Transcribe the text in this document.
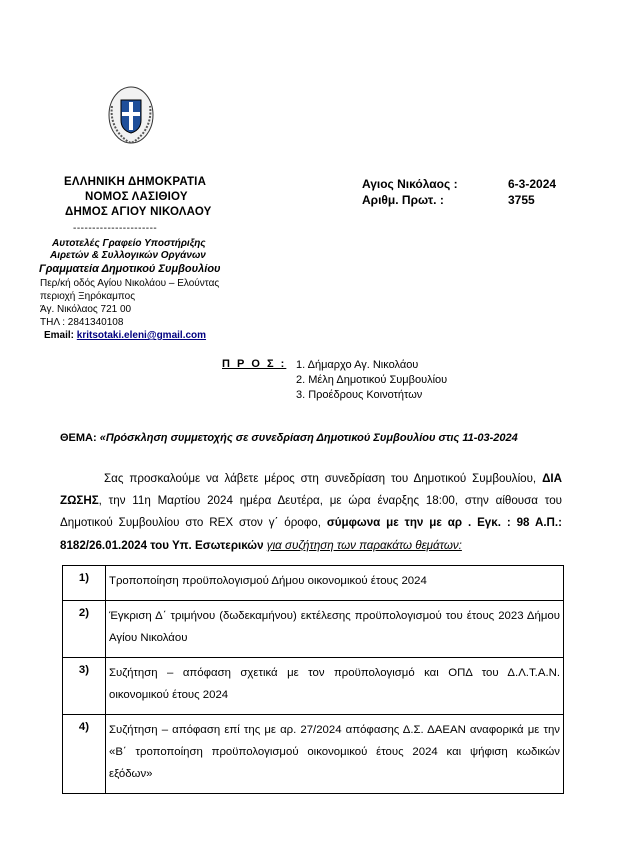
ΕΛΛΗΝΙΚΗ ΔΗΜΟΚΡΑΤΙΑ
ΝΟΜΟΣ ΛΑΣΙΘΙΟΥ
ΔΗΜΟΣ ΑΓΙΟΥ ΝΙΚΟΛΑΟΥ
----------------------
Αυτοτελές Γραφείο Υποστήριξης
Αιρετών & Συλλογικών Οργάνων
Γραμματεία Δημοτικού Συμβουλίου
Περ/κή οδός Αγίου Νικολάου – Ελούντας
περιοχή Ξηρόκαμπος
Άγ. Νικόλαος 721 00
ΤΗΛ : 2841340108
Email: kritsotaki.eleni@gmail.com
Αγιος Νικόλαος :	6-3-2024
Αριθμ. Πρωτ. :	3755
Π Ρ Ο Σ : 1. Δήμαρχο Αγ. Νικολάου
2. Μέλη Δημοτικού Συμβουλίου
3. Προέδρους Κοινοτήτων
ΘΕΜΑ: «Πρόσκληση συμμετοχής σε συνεδρίαση Δημοτικού Συμβουλίου στις 11-03-2024
Σας προσκαλούμε να λάβετε μέρος στη συνεδρίαση του Δημοτικού Συμβουλίου, ΔΙΑ ΖΩΣΗΣ, την 11η Μαρτίου 2024 ημέρα Δευτέρα, με ώρα έναρξης 18:00, στην αίθουσα του Δημοτικού Συμβουλίου στο REX στον γ΄ όροφο, σύμφωνα με την με αρ . Εγκ. : 98 Α.Π.: 8182/26.01.2024 του Υπ. Εσωτερικών για συζήτηση των παρακάτω θεμάτων:
1)	Τροποποίηση προϋπολογισμού Δήμου οικονομικού έτους 2024
2)	Έγκριση Δ΄ τριμήνου (δωδεκαμήνου) εκτέλεσης προϋπολογισμού του έτους 2023 Δήμου Αγίου Νικολάου
3)	Συζήτηση – απόφαση σχετικά με τον προϋπολογισμό και ΟΠΔ του Δ.Λ.Τ.Α.Ν. οικονομικού έτους 2024
4)	Συζήτηση – απόφαση επί της με αρ. 27/2024 απόφασης Δ.Σ. ΔΑΕΑΝ αναφορικά με την «Β΄ τροποποίηση προϋπολογισμού οικονομικού έτους 2024 και ψήφιση κωδικών εξόδων»
